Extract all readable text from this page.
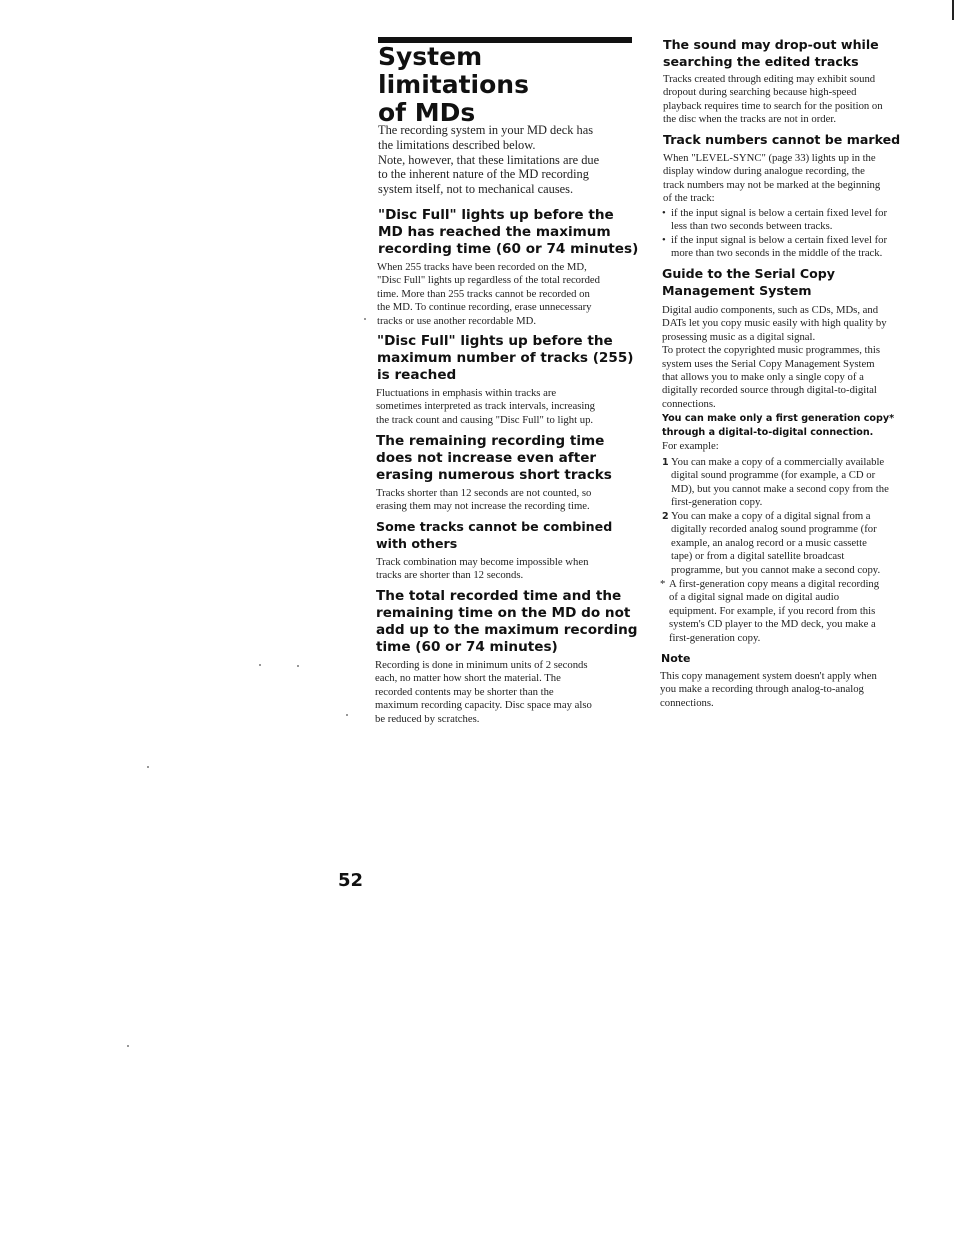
System limitations
of MDs
The recording system in your MD deck has
the limitations described below.
Note, however, that these limitations are due
to the inherent nature of the MD recording
system itself, not to mechanical causes.
"Disc Full" lights up before the
MD has reached the maximum
recording time (60 or 74 minutes)
When 255 tracks have been recorded on the MD,
"Disc Full" lights up regardless of the total recorded
time. More than 255 tracks cannot be recorded on
the MD. To continue recording, erase unnecessary
tracks or use another recordable MD.
"Disc Full" lights up before the
maximum number of tracks (255)
is reached
Fluctuations in emphasis within tracks are
sometimes interpreted as track intervals, increasing
the track count and causing "Disc Full" to light up.
The remaining recording time
does not increase even after
erasing numerous short tracks
Tracks shorter than 12 seconds are not counted, so
erasing them may not increase the recording time.
Some tracks cannot be combined
with others
Track combination may become impossible when
tracks are shorter than 12 seconds.
The total recorded time and the
remaining time on the MD do not
add up to the maximum recording
time (60 or 74 minutes)
Recording is done in minimum units of 2 seconds
each, no matter how short the material. The
recorded contents may be shorter than the
maximum recording capacity. Disc space may also
be reduced by scratches.
The sound may drop-out while
searching the edited tracks
Tracks created through editing may exhibit sound
dropout during searching because high-speed
playback requires time to search for the position on
the disc when the tracks are not in order.
Track numbers cannot be marked
When "LEVEL-SYNC" (page 33) lights up in the
display window during analogue recording, the
track numbers may not be marked at the beginning
of the track:
• if the input signal is below a certain fixed level for
less than two seconds between tracks.
• if the input signal is below a certain fixed level for
more than two seconds in the middle of the track.
Guide to the Serial Copy
Management System
Digital audio components, such as CDs, MDs, and
DATs let you copy music easily with high quality by
prosessing music as a digital signal.
To protect the copyrighted music programmes, this
system uses the Serial Copy Management System
that allows you to make only a single copy of a
digitally recorded source through digital-to-digital
connections.
You can make only a first generation copy*
through a digital-to-digital connection.
For example:
1 You can make a copy of a commercially available
digital sound programme (for example, a CD or
MD), but you cannot make a second copy from the
first-generation copy.
2 You can make a copy of a digital signal from a
digitally recorded analog sound programme (for
example, an analog record or a music cassette
tape) or from a digital satellite broadcast
programme, but you cannot make a second copy.
* A first-generation copy means a digital recording
of a digital signal made on digital audio
equipment. For example, if you record from this
system's CD player to the MD deck, you make a
first-generation copy.
Note
This copy management system doesn't apply when
you make a recording through analog-to-analog
connections.
52
